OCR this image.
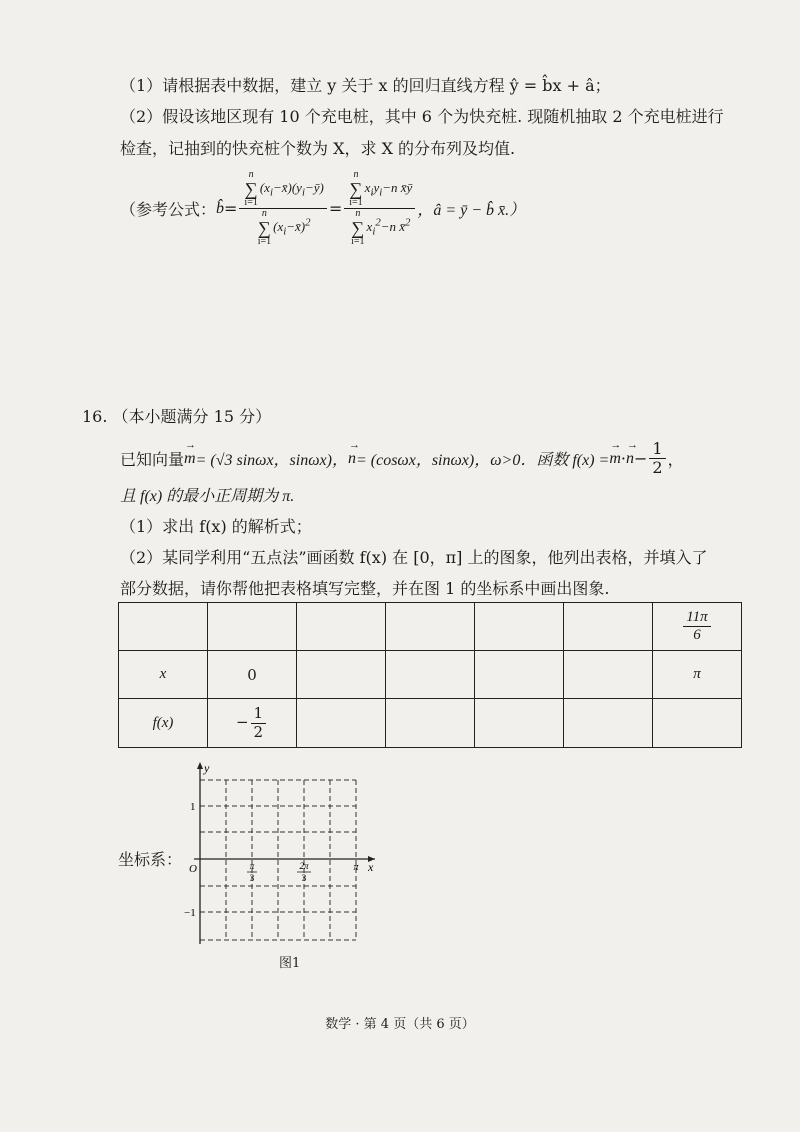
（1）请根据表中数据，建立 y 关于 x 的回归直线方程 ŷ = b̂x + â；
（2）假设该地区现有 10 个充电桩，其中 6 个为快充桩. 现随机抽取 2 个充电桩进行
检查，记抽到的快充桩个数为 X，求 X 的分布列及均值.
（参考公式： b̂ = n
∑
i=1
$(x_i-x̄)(y_i-ȳ)$
n
∑
i=1
$(x_i-x̄)^2 = n$
∑
i=1
$x_iy_i-n$ x̄ȳ
n
∑
i=1
$x_i^2-n$ x̄$^2$ ，â = ȳ − b̂ x̄.）
16. （本小题满分 15 分）
已知向量 → m = (√3 sinωx，sinωx)， → n = (cosωx，sinωx)，ω>0．函数 f(x) = → m · → $n - \frac{1}{2}$ ，
且 f(x) 的最小正周期为 π.
（1）求出 f(x) 的解析式；
（2）某同学利用“五点法”画函数 f(x) 在 [0，π] 上的图象，他列出表格，并填入了
部分数据，请你帮他把表格填写完整，并在图 1 的坐标系中画出图象.

						$\frac{11\pi}{6}$

x	0					π
f(x)	− $\frac{1}{2}$

坐标系：
y
x
O
1
−1
π
3
2π
3
π
图1
数学 · 第 4 页（共 6 页）
